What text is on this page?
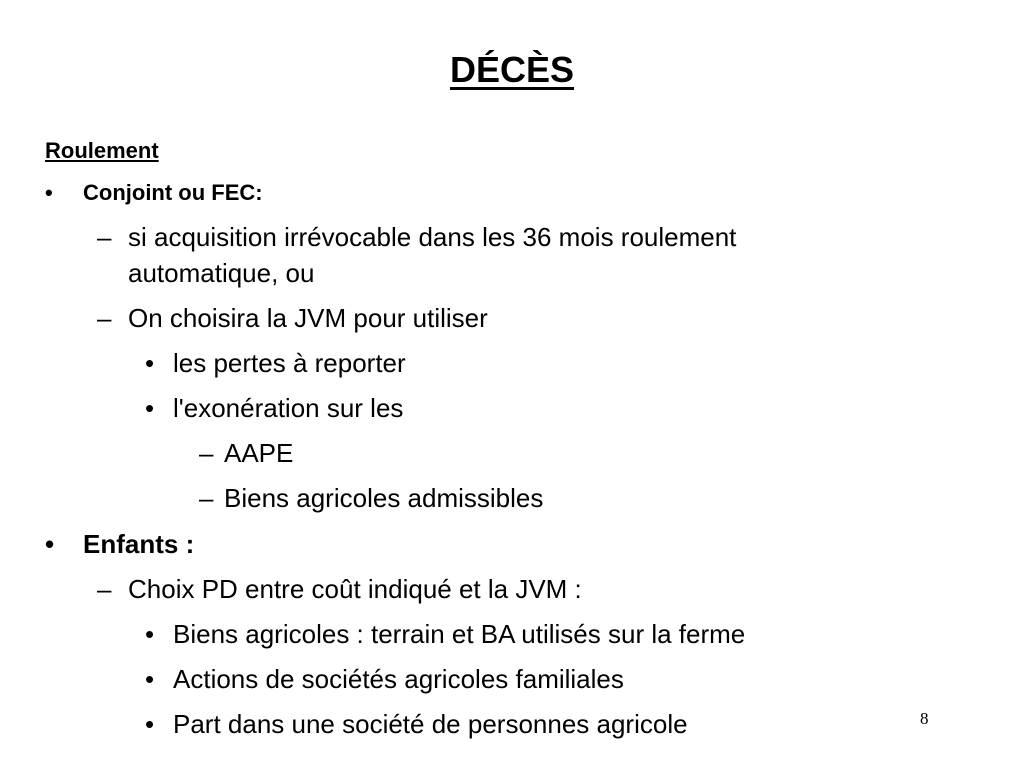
DÉCÈS
Roulement
• Conjoint ou FEC:
– si acquisition irrévocable dans les 36 mois roulement
automatique, ou
– On choisira la JVM pour utiliser
• les pertes à reporter
• l'exonération sur les
– AAPE
– Biens agricoles admissibles
• Enfants :
– Choix PD entre coût indiqué et la JVM :
• Biens agricoles : terrain et BA utilisés sur la ferme
• Actions de sociétés agricoles familiales
• Part dans une société de personnes agricole	8
